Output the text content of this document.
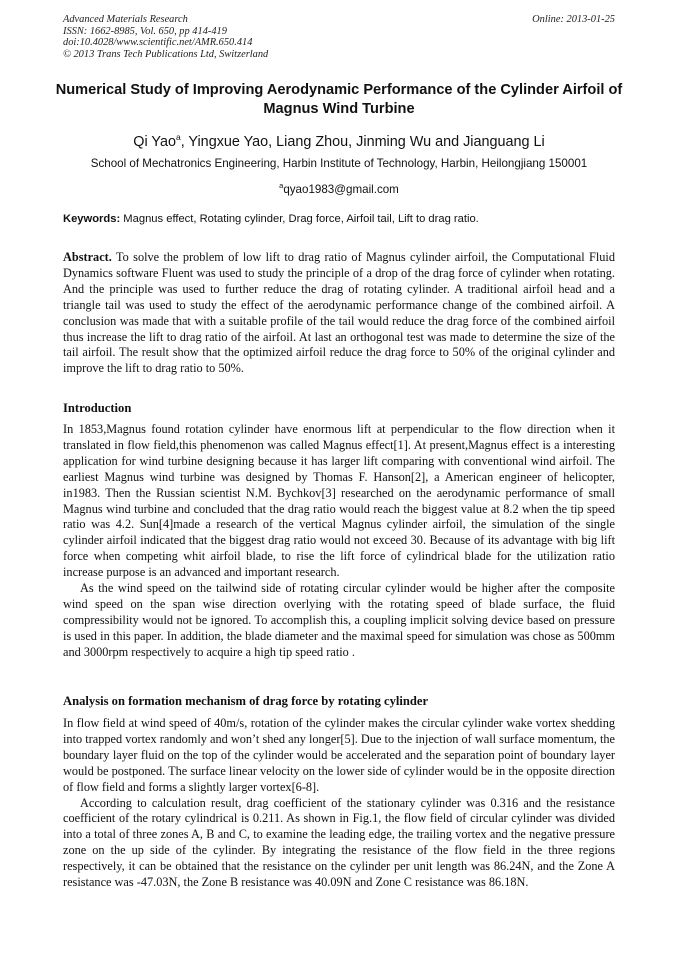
Advanced Materials Research
ISSN: 1662-8985, Vol. 650, pp 414-419
doi:10.4028/www.scientific.net/AMR.650.414
© 2013 Trans Tech Publications Ltd, Switzerland
Online: 2013-01-25
Numerical Study of Improving Aerodynamic Performance of the Cylinder Airfoil of Magnus Wind Turbine
Qi Yao$^a$, Yingxue Yao, Liang Zhou, Jinming Wu and Jianguang Li
School of Mechatronics Engineering, Harbin Institute of Technology, Harbin, Heilongjiang 150001
$^a$qyao1983@gmail.com
Keywords: Magnus effect, Rotating cylinder, Drag force, Airfoil tail, Lift to drag ratio.
Abstract. To solve the problem of low lift to drag ratio of Magnus cylinder airfoil, the Computational Fluid Dynamics software Fluent was used to study the principle of a drop of the drag force of cylinder when rotating. And the principle was used to further reduce the drag of rotating cylinder. A traditional airfoil head and a triangle tail was used to study the effect of the aerodynamic performance change of the combined airfoil. A conclusion was made that with a suitable profile of the tail would reduce the drag force of the combined airfoil thus increase the lift to drag ratio of the airfoil. At last an orthogonal test was made to determine the size of the tail airfoil. The result show that the optimized airfoil reduce the drag force to 50% of the original cylinder and improve the lift to drag ratio to 50%.
Introduction
In 1853,Magnus found rotation cylinder have enormous lift at perpendicular to the flow direction when it translated in flow field,this phenomenon was called Magnus effect[1]. At present,Magnus effect is a interesting application for wind turbine designing because it has larger lift comparing with conventional wind airfoil. The earliest Magnus wind turbine was designed by Thomas F. Hanson[2], a American engineer of helicopter, in1983. Then the Russian scientist N.M. Bychkov[3] researched on the aerodynamic performance of small Magnus wind turbine and concluded that the drag ratio would reach the biggest value at 8.2 when the tip speed ratio was 4.2. Sun[4]made a research of the vertical Magnus cylinder airfoil, the simulation of the single cylinder airfoil indicated that the biggest drag ratio would not exceed 30. Because of its advantage with big lift force when competing whit airfoil blade, to rise the lift force of cylindrical blade for the utilization ratio increase purpose is an advanced and important research.
As the wind speed on the tailwind side of rotating circular cylinder would be higher after the composite wind speed on the span wise direction overlying with the rotating speed of blade surface, the fluid compressibility would not be ignored. To accomplish this, a coupling implicit solving device based on pressure is used in this paper. In addition, the blade diameter and the maximal speed for simulation was chose as 500mm and 3000rpm respectively to acquire a high tip speed ratio .
Analysis on formation mechanism of drag force by rotating cylinder
In flow field at wind speed of 40m/s, rotation of the cylinder makes the circular cylinder wake vortex shedding into trapped vortex randomly and won’t shed any longer[5]. Due to the injection of wall surface momentum, the boundary layer fluid on the top of the cylinder would be accelerated and the separation point of boundary layer would be postponed. The surface linear velocity on the lower side of cylinder would be in the opposite direction of flow field and forms a slightly larger vortex[6-8].
According to calculation result, drag coefficient of the stationary cylinder was 0.316 and the resistance coefficient of the rotary cylindrical is 0.211. As shown in Fig.1, the flow field of circular cylinder was divided into a total of three zones A, B and C, to examine the leading edge, the trailing vortex and the negative pressure zone on the up side of the cylinder. By integrating the resistance of the flow field in the three regions respectively, it can be obtained that the resistance on the cylinder per unit length was 86.24N, and the Zone A resistance was -47.03N, the Zone B resistance was 40.09N and Zone C resistance was 86.18N.
